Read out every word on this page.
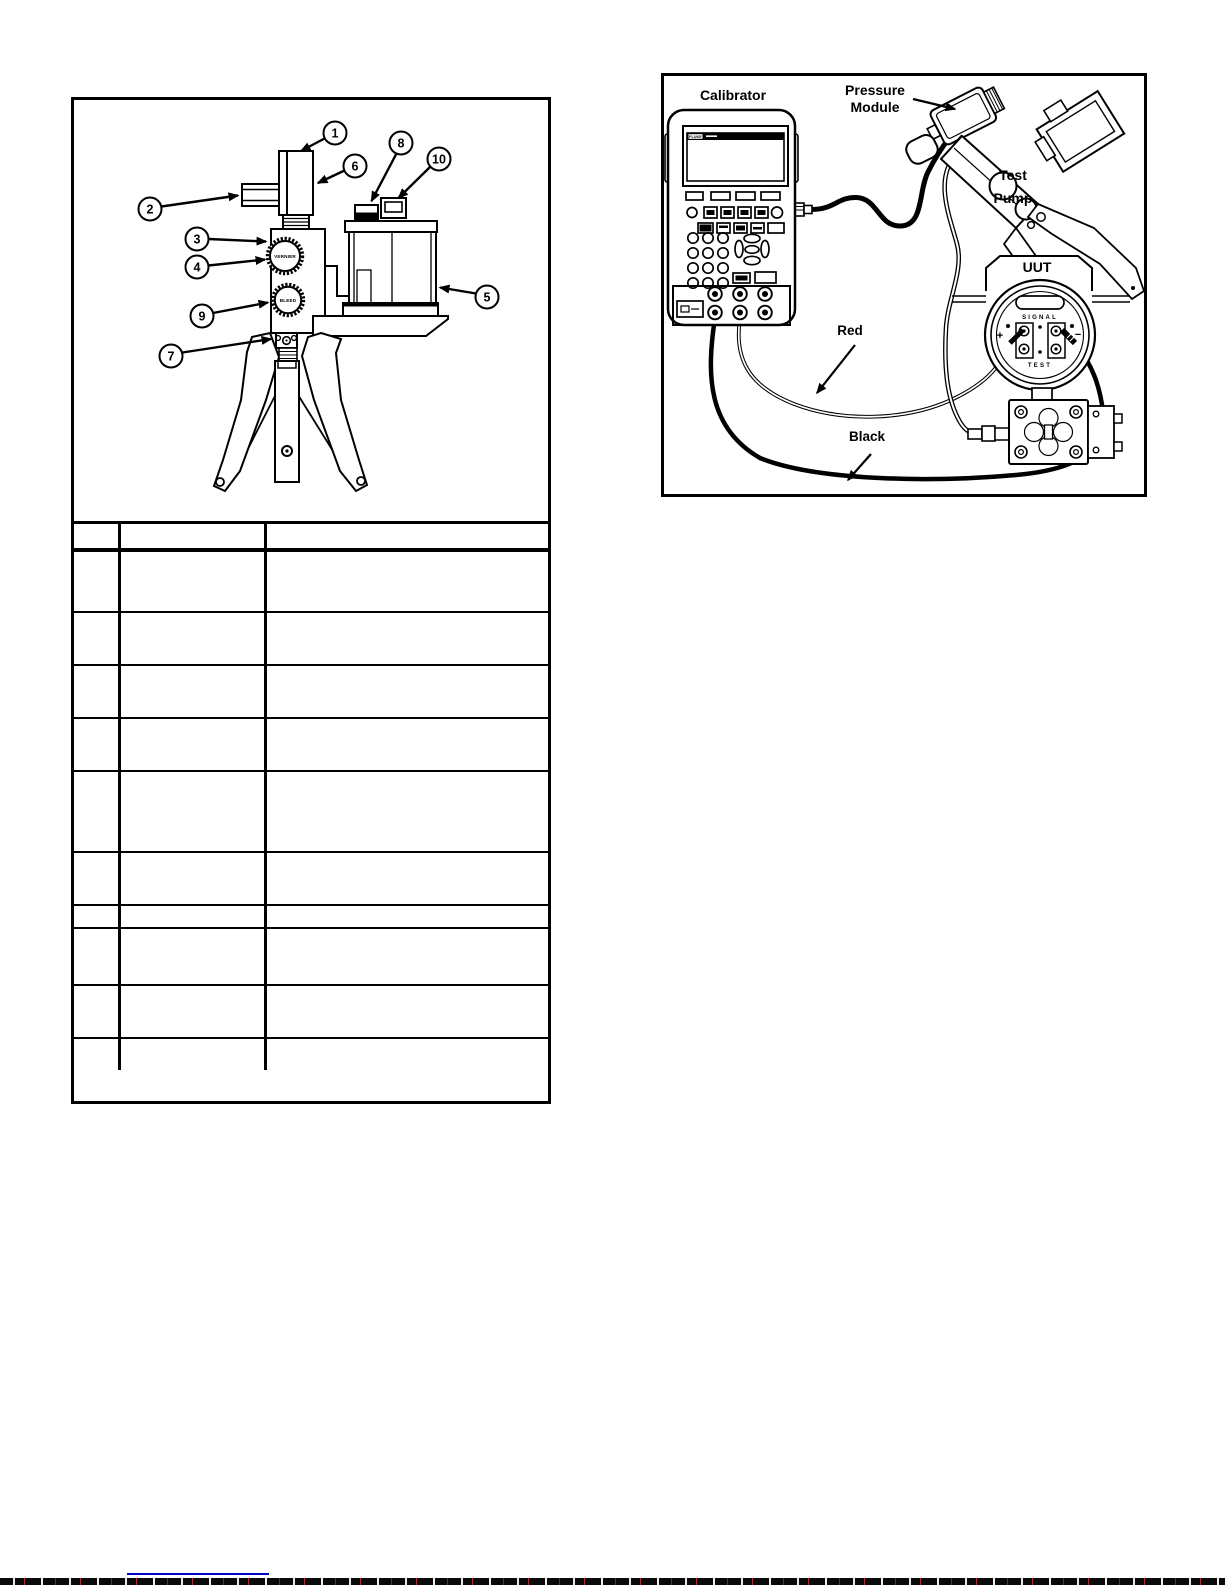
VERNIER
BLEED
1
2
3
4
5
6
7
8
9
10

Calibrator
FLUKE
Pressure
Module
Test
Pump
UUT
Red
Black
SIGNAL
TEST
+	−
